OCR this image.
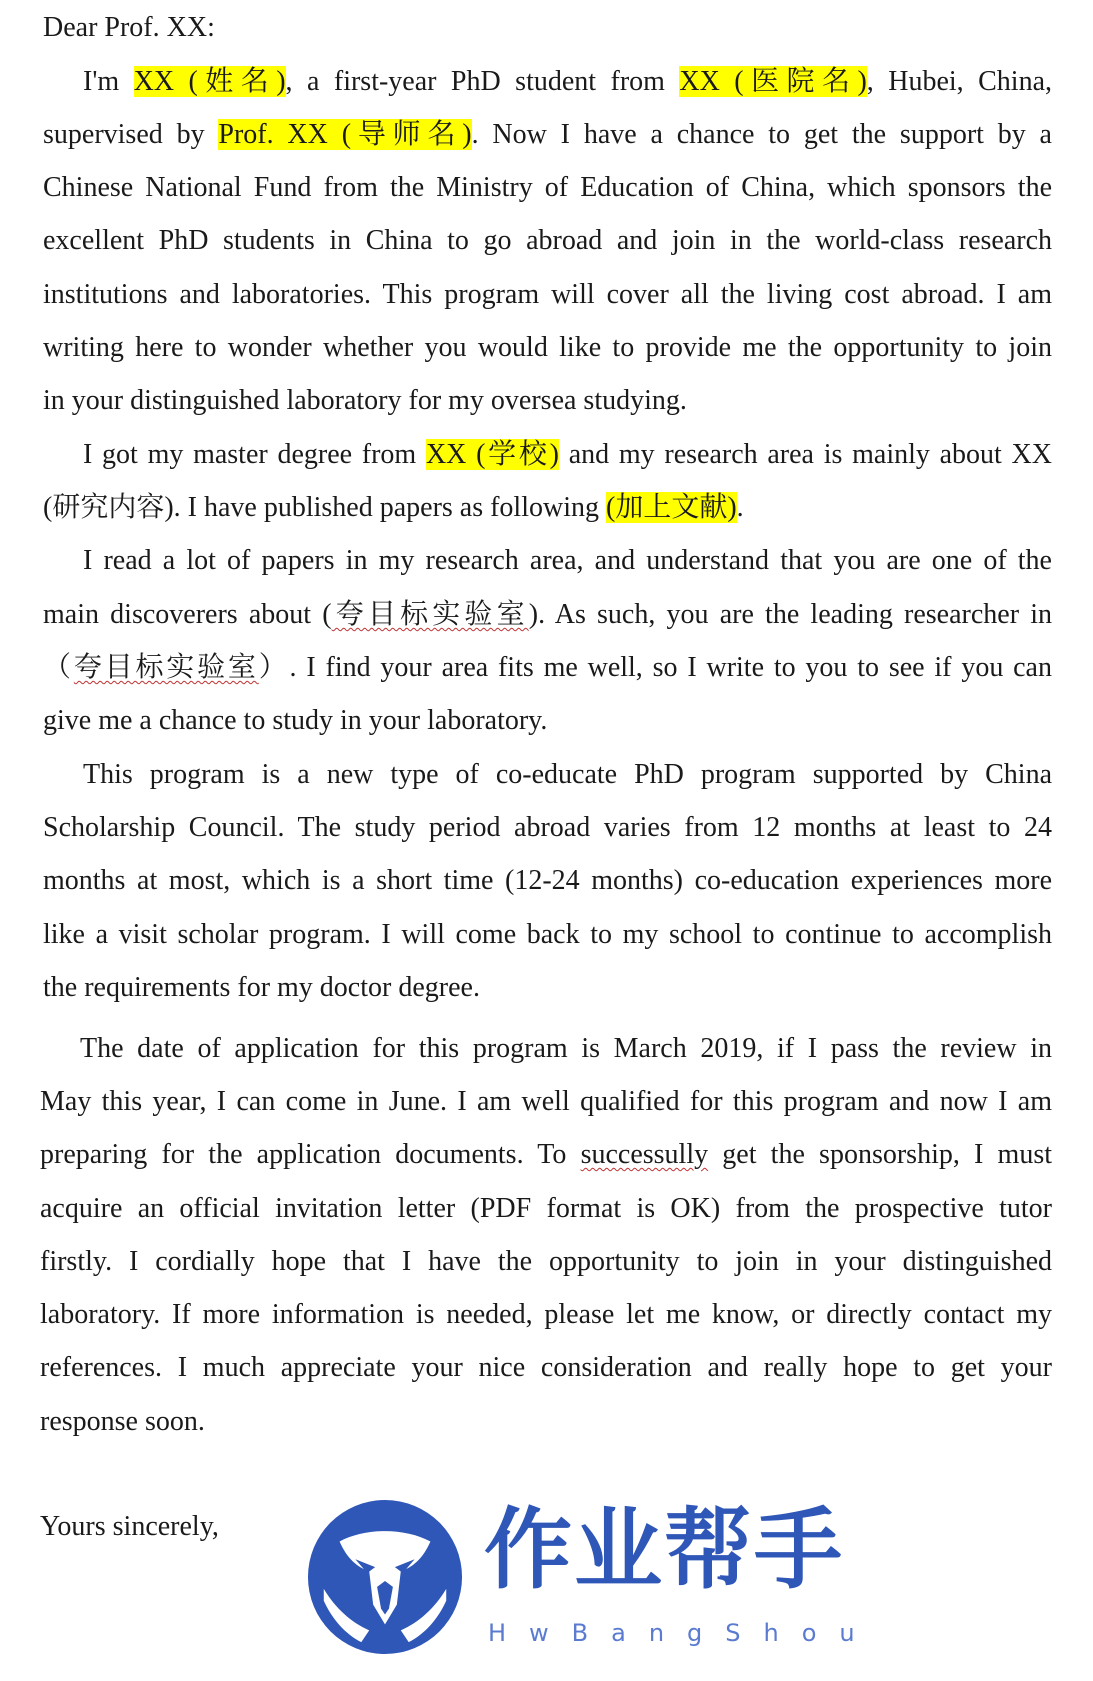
Dear Prof. XX:
I'm XX (姓名), a first-year PhD student from XX (医院名), Hubei, China,
supervised by Prof. XX (导师名). Now I have a chance to get the support by a
Chinese National Fund from the Ministry of Education of China, which sponsors the
excellent PhD students in China to go abroad and join in the world-class research
institutions and laboratories. This program will cover all the living cost abroad. I am
writing here to wonder whether you would like to provide me the opportunity to join
in your distinguished laboratory for my oversea studying.
I got my master degree from XX (学校) and my research area is mainly about XX
(研究内容). I have published papers as following (加上文献).
I read a lot of papers in my research area, and understand that you are one of the
main discoverers about (夸目标实验室). As such, you are the leading researcher in
（夸目标实验室）. I find your area fits me well, so I write to you to see if you can
give me a chance to study in your laboratory.
This program is a new type of co-educate PhD program supported by China
Scholarship Council. The study period abroad varies from 12 months at least to 24
months at most, which is a short time (12-24 months) co-education experiences more
like a visit scholar program. I will come back to my school to continue to accomplish
the requirements for my doctor degree.
The date of application for this program is March 2019, if I pass the review in
May this year, I can come in June. I am well qualified for this program and now I am
preparing for the application documents. To successully get the sponsorship, I must
acquire an official invitation letter (PDF format is OK) from the prospective tutor
firstly. I cordially hope that I have the opportunity to join in your distinguished
laboratory. If more information is needed, please let me know, or directly contact my
references. I much appreciate your nice consideration and really hope to get your
response soon.
Yours sincerely,	作业帮手
HwBangShou
